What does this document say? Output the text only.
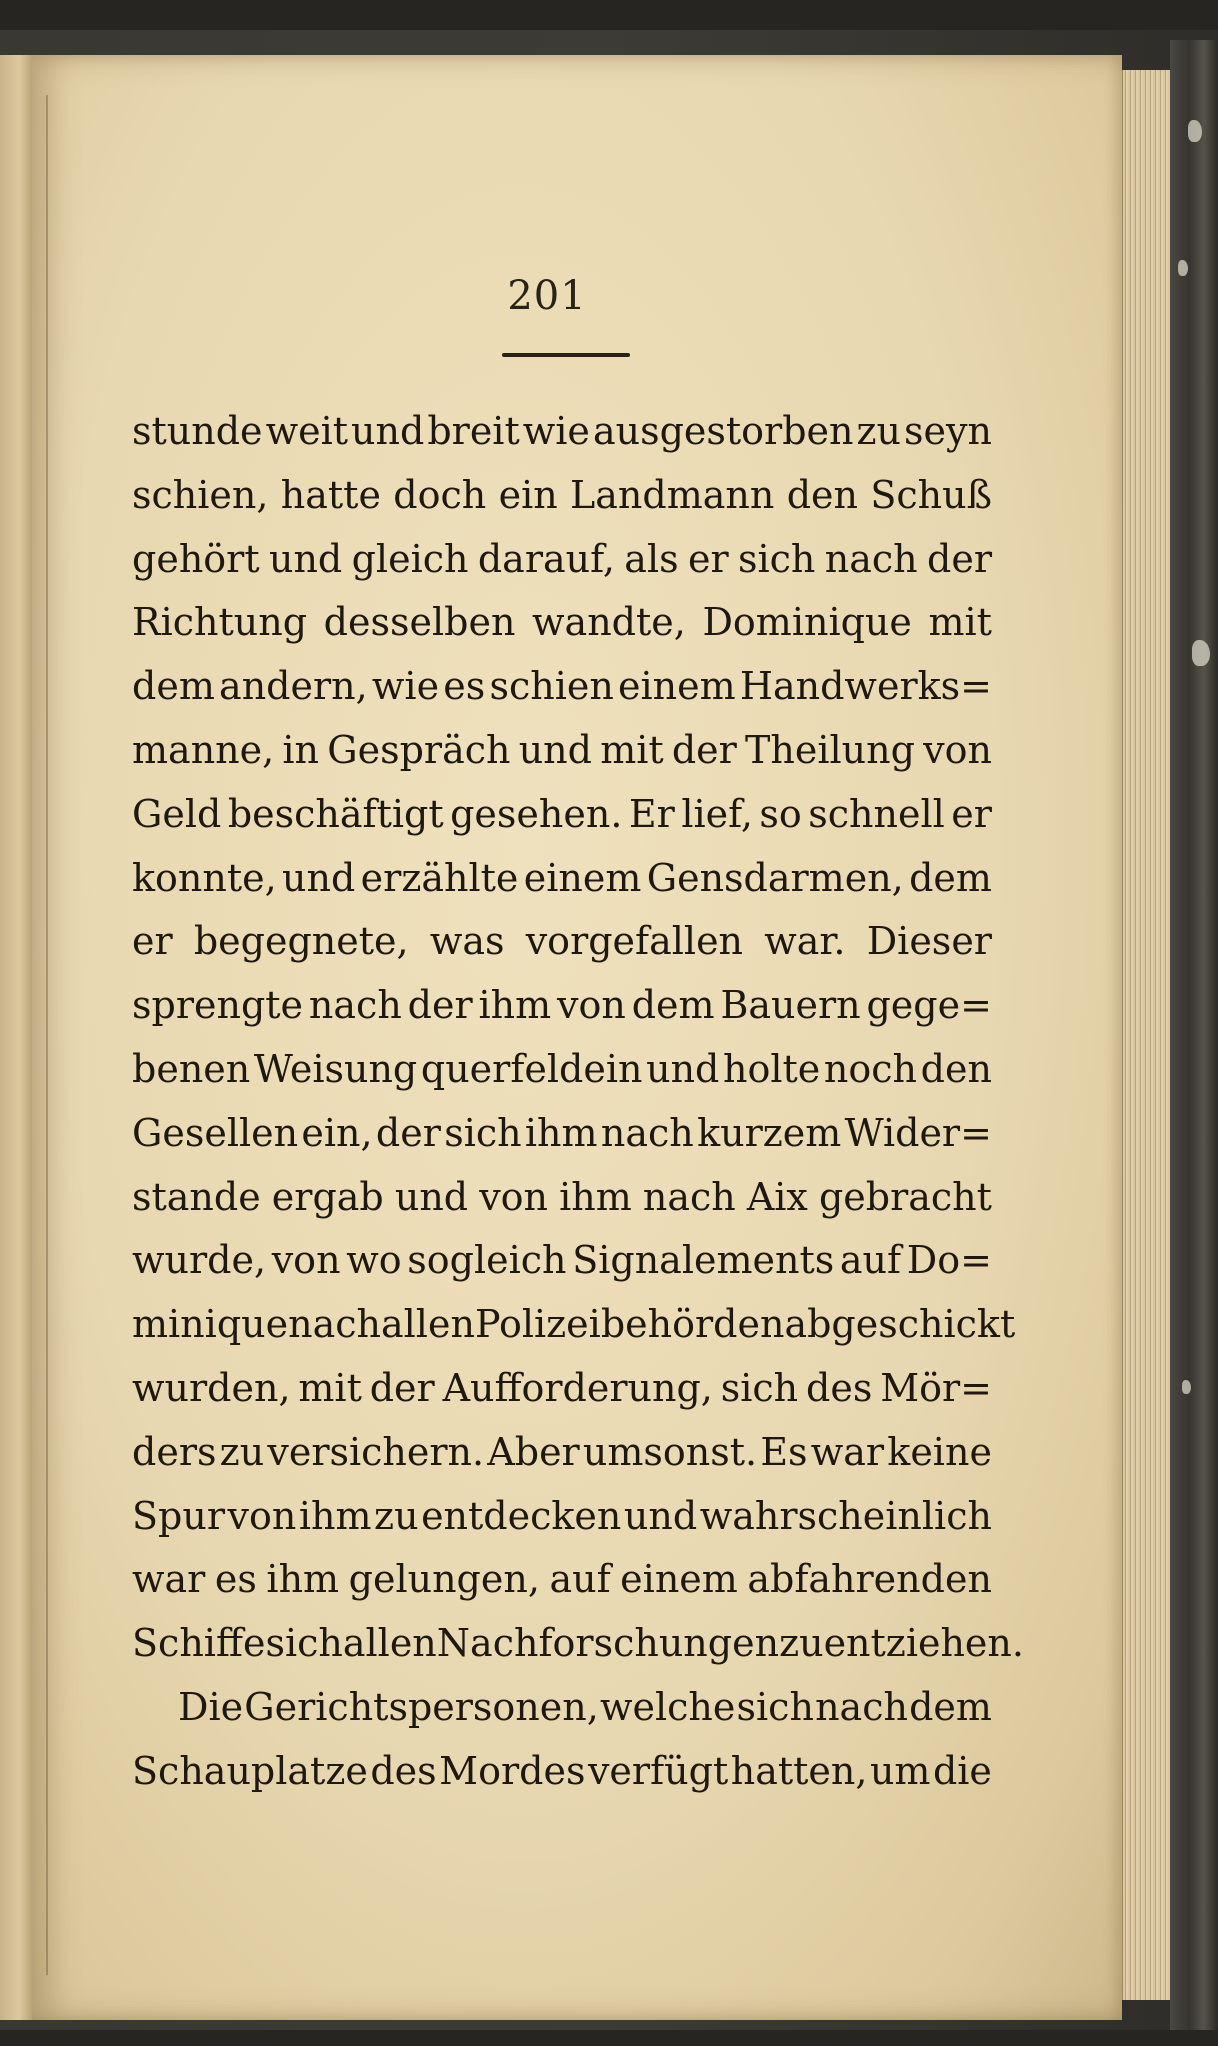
201
stunde weit und breit wie ausgestorben zu seyn
schien, hatte doch ein Landmann den Schuß
gehört und gleich darauf, als er sich nach der
Richtung desselben wandte, Dominique mit
dem andern, wie es schien einem Handwerks=
manne, in Gespräch und mit der Theilung von
Geld beschäftigt gesehen. Er lief, so schnell er
konnte, und erzählte einem Gensdarmen, dem
er begegnete, was vorgefallen war. Dieser
sprengte nach der ihm von dem Bauern gege=
benen Weisung querfeldein und holte noch den
Gesellen ein, der sich ihm nach kurzem Wider=
stande ergab und von ihm nach Aix gebracht
wurde, von wo sogleich Signalements auf Do=
minique nach allen Polizeibehörden abgeschickt
wurden, mit der Aufforderung, sich des Mör=
ders zu versichern. Aber umsonst. Es war keine
Spur von ihm zu entdecken und wahrscheinlich
war es ihm gelungen, auf einem abfahrenden
Schiffe sich allen Nachforschungen zu entziehen.
Die Gerichtspersonen, welche sich nach dem
Schauplatze des Mordes verfügt hatten, um die
